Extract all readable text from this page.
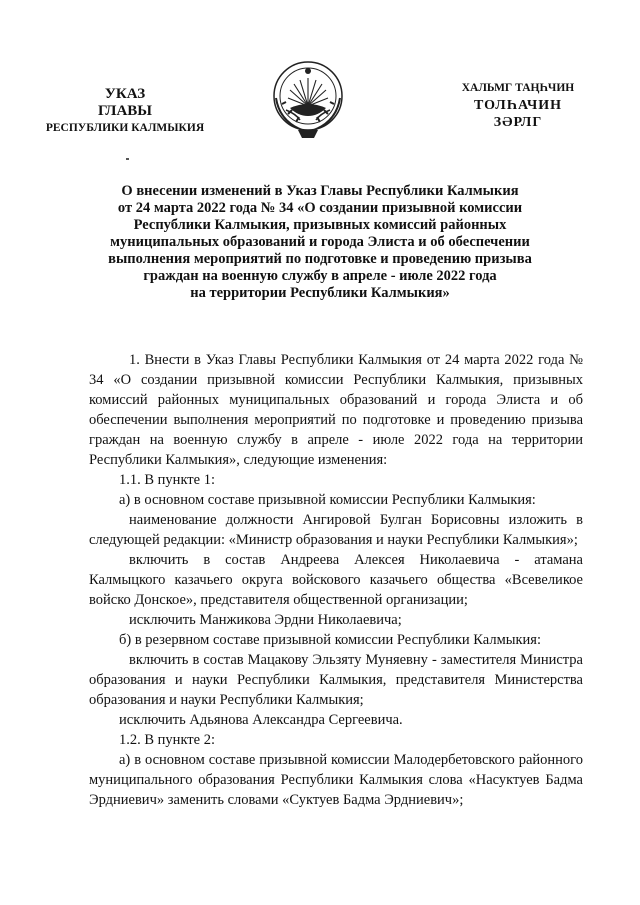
УКАЗ
ГЛАВЫ
РЕСПУБЛИКИ КАЛМЫКИЯ
ХАЛЬМГ ТАҢҺЧИН
ТОЛҺАЧИН
ЗӘРЛГ
О внесении изменений в Указ Главы Республики Калмыкия
от 24 марта 2022 года № 34 «О создании призывной комиссии
Республики Калмыкия, призывных комиссий районных
муниципальных образований и города Элиста и об обеспечении
выполнения мероприятий по подготовке и проведению призыва
граждан на военную службу в апреле - июле 2022 года
на территории Республики Калмыкия»

1. Внести в Указ Главы Республики Калмыкия от 24 марта 2022 года № 34 «О создании призывной комиссии Республики Калмыкия, призывных комиссий районных муниципальных образований и города Элиста и об обеспечении выполнения мероприятий по подготовке и проведению призыва граждан на военную службу в апреле - июле 2022 года на территории Республики Калмыкия», следующие изменения:

1.1. В пункте 1:

а) в основном составе призывной комиссии Республики Калмыкия:

наименование должности Ангировой Булган Борисовны изложить в следующей редакции: «Министр образования и науки Республики Калмыкия»;

включить в состав Андреева Алексея Николаевича - атамана Калмыцкого казачьего округа войскового казачьего общества «Всевеликое войско Донское», представителя общественной организации;

исключить Манжикова Эрдни Николаевича;

б) в резервном составе призывной комиссии Республики Калмыкия:

включить в состав Мацакову Эльзяту Муняевну - заместителя Министра образования и науки Республики Калмыкия, представителя Министерства образования и науки Республики Калмыкия;

исключить Адьянова Александра Сергеевича.

1.2. В пункте 2:

а) в основном составе призывной комиссии Малодербетовского районного муниципального образования Республики Калмыкия слова «Насуктуев Бадма Эрдниевич» заменить словами «Суктуев Бадма Эрдниевич»;
